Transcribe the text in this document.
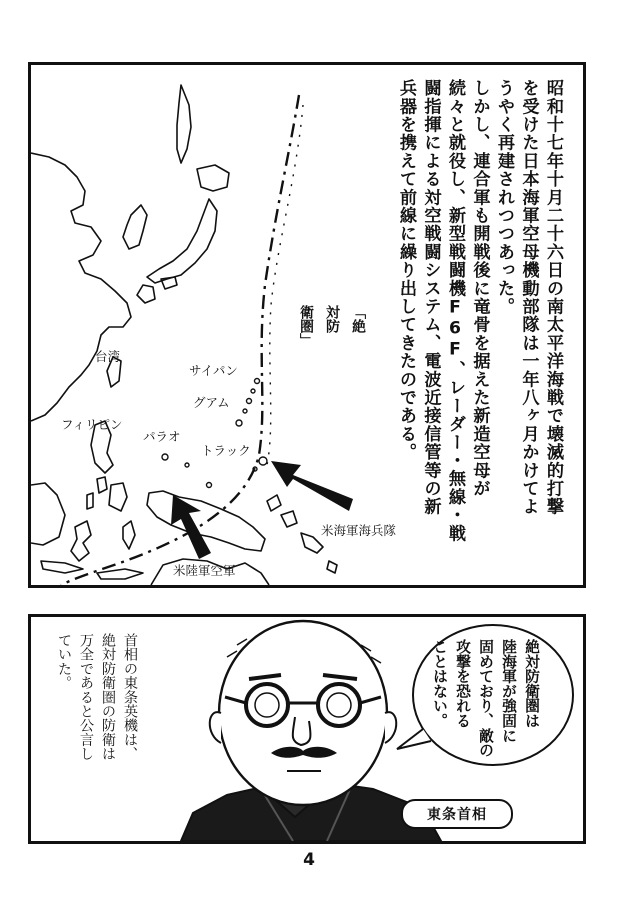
台湾
サイパン
グアム
フィリピン
パラオ
トラック
米海軍海兵隊
米陸軍空軍
「絶
対防
衛圏」	昭和十七年十月二十六日の南太平洋海戦で壊滅的打撃
を受けた日本海軍空母機動部隊は一年八ヶ月かけてよ
うやく再建されつつあった。
しかし、連合軍も開戦後に竜骨を据えた新造空母が
続々と就役し、新型戦闘機F6F、レーダー・無線・戦
闘指揮による対空戦闘システム、電波近接信管等の新
兵器を携えて前線に繰り出してきたのである。
首相の東条英機は、
絶対防衛圏の防衛は
万全であると公言し
ていた。	絶対防衛圏は
陸海軍が強固に
固めており、敵の
攻撃を恐れる
ことはない。
東条首相
4
